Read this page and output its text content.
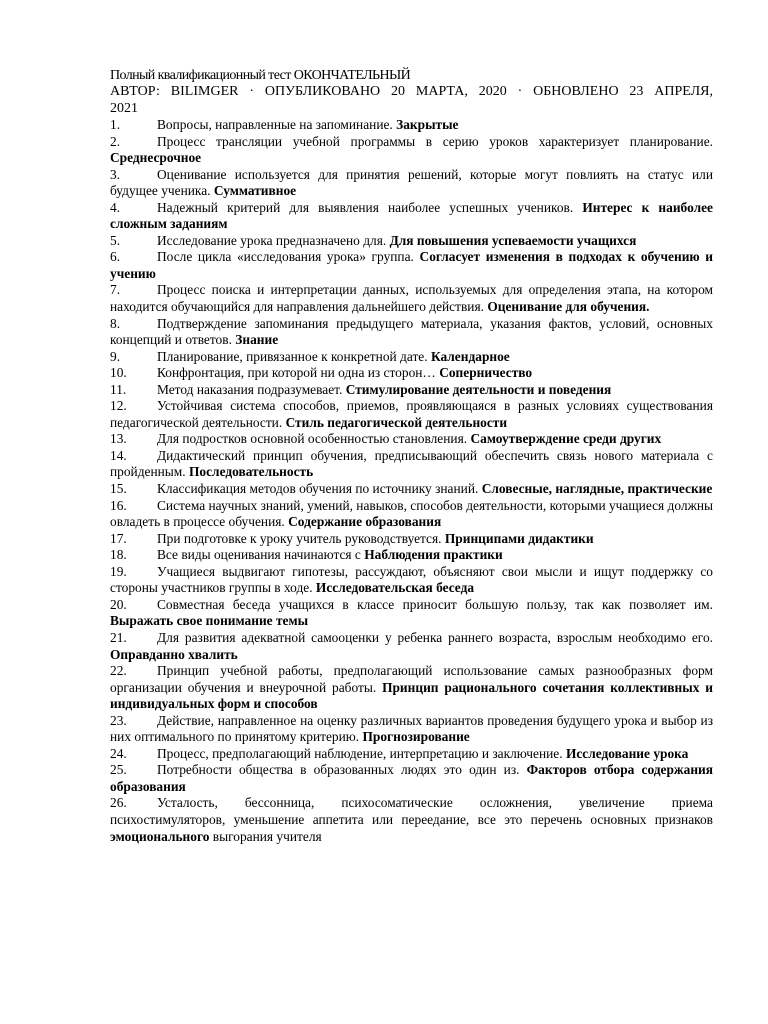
Полный квалификационный тест ОКОНЧАТЕЛЬНЫЙ

АВТОР: BILIMGER · ОПУБЛИКОВАНО 20 МАРТА, 2020 · ОБНОВЛЕНО 23 АПРЕЛЯ,

2021

1.	Вопросы, направленные на запоминание. Закрытые
2.	Процесс трансляции учебной программы в серию уроков характеризует планирование. Среднесрочное
3.	Оценивание используется для принятия решений, которые могут повлиять на статус или будущее ученика. Суммативное
4.	Надежный критерий для выявления наиболее успешных учеников. Интерес к наиболее сложным заданиям
5.	Исследование урока предназначено для. Для повышения успеваемости учащихся
6.	После цикла «исследования урока» группа. Согласует изменения в подходах к обучению и учению
7.	Процесс поиска и интерпретации данных, используемых для определения этапа, на котором находится обучающийся для направления дальнейшего действия. Оценивание для обучения.
8.	Подтверждение запоминания предыдущего материала, указания фактов, условий, основных концепций и ответов. Знание
9.	Планирование, привязанное к конкретной дате. Календарное
10. Конфронтация, при которой ни одна из сторон… Соперничество
11. Метод наказания подразумевает. Стимулирование деятельности и поведения
12. Устойчивая система способов, приемов, проявляющаяся в разных условиях существования педагогической деятельности. Стиль педагогической деятельности
13. Для подростков основной особенностью становления. Самоутверждение среди других
14. Дидактический принцип обучения, предписывающий обеспечить связь нового материала с пройденным. Последовательность
15. Классификация методов обучения по источнику знаний. Словесные, наглядные, практические
16. Система научных знаний, умений, навыков, способов деятельности, которыми учащиеся должны овладеть в процессе обучения. Содержание образования
17. При подготовке к уроку учитель руководствуется. Принципами дидактики
18. Все виды оценивания начинаются с Наблюдения практики
19. Учащиеся выдвигают гипотезы, рассуждают, объясняют свои мысли и ищут поддержку со стороны участников группы в ходе. Исследовательская беседа
20. Совместная беседа учащихся в классе приносит большую пользу, так как позволяет им. Выражать свое понимание темы
21. Для развития адекватной самооценки у ребенка раннего возраста, взрослым необходимо его. Оправданно хвалить
22. Принцип учебной работы, предполагающий использование самых разнообразных форм организации обучения и внеурочной работы. Принцип рационального сочетания коллективных и индивидуальных форм и способов
23. Действие, направленное на оценку различных вариантов проведения будущего урока и выбор из них оптимального по принятому критерию. Прогнозирование
24. Процесс, предполагающий наблюдение, интерпретацию и заключение. Исследование урока
25. Потребности общества в образованных людях это один из. Факторов отбора содержания образования
26. Усталость, бессонница, психосоматические осложнения, увеличение приема психостимуляторов, уменьшение аппетита или переедание, все это перечень основных признаков эмоционального выгорания учителя
